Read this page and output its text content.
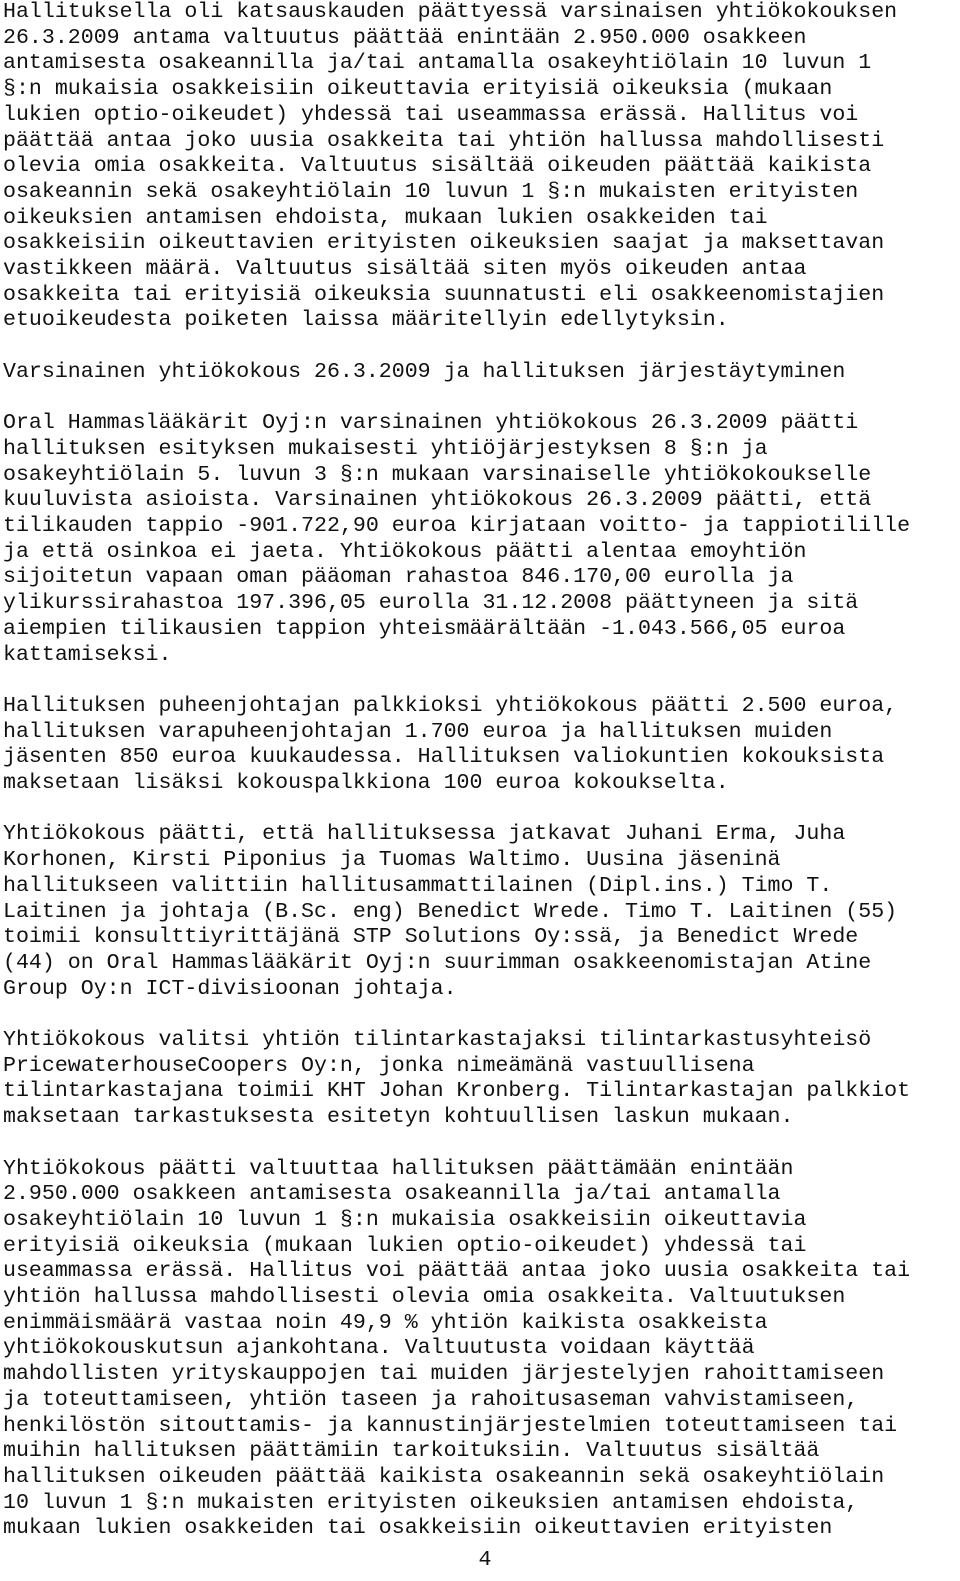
Hallituksella oli katsauskauden päättyessä varsinaisen yhtiökokouksen
26.3.2009 antama valtuutus päättää enintään 2.950.000 osakkeen
antamisesta osakeannilla ja/tai antamalla osakeyhtiölain 10 luvun 1
§:n mukaisia osakkeisiin oikeuttavia erityisiä oikeuksia (mukaan
lukien optio-oikeudet) yhdessä tai useammassa erässä. Hallitus voi
päättää antaa joko uusia osakkeita tai yhtiön hallussa mahdollisesti
olevia omia osakkeita. Valtuutus sisältää oikeuden päättää kaikista
osakeannin sekä osakeyhtiölain 10 luvun 1 §:n mukaisten erityisten
oikeuksien antamisen ehdoista, mukaan lukien osakkeiden tai
osakkeisiin oikeuttavien erityisten oikeuksien saajat ja maksettavan
vastikkeen määrä. Valtuutus sisältää siten myös oikeuden antaa
osakkeita tai erityisiä oikeuksia suunnatusti eli osakkeenomistajien
etuoikeudesta poiketen laissa määritellyin edellytyksin.

Varsinainen yhtiökokous 26.3.2009 ja hallituksen järjestäytyminen

Oral Hammaslääkärit Oyj:n varsinainen yhtiökokous 26.3.2009 päätti
hallituksen esityksen mukaisesti yhtiöjärjestyksen 8 §:n ja
osakeyhtiölain 5. luvun 3 §:n mukaan varsinaiselle yhtiökokoukselle
kuuluvista asioista. Varsinainen yhtiökokous 26.3.2009 päätti, että
tilikauden tappio -901.722,90 euroa kirjataan voitto- ja tappiotilille
ja että osinkoa ei jaeta. Yhtiökokous päätti alentaa emoyhtiön
sijoitetun vapaan oman pääoman rahastoa 846.170,00 eurolla ja
ylikurssirahastoa 197.396,05 eurolla 31.12.2008 päättyneen ja sitä
aiempien tilikausien tappion yhteismäärältään -1.043.566,05 euroa
kattamiseksi.

Hallituksen puheenjohtajan palkkioksi yhtiökokous päätti 2.500 euroa,
hallituksen varapuheenjohtajan 1.700 euroa ja hallituksen muiden
jäsenten 850 euroa kuukaudessa. Hallituksen valiokuntien kokouksista
maksetaan lisäksi kokouspalkkiona 100 euroa kokoukselta.

Yhtiökokous päätti, että hallituksessa jatkavat Juhani Erma, Juha
Korhonen, Kirsti Piponius ja Tuomas Waltimo. Uusina jäseninä
hallitukseen valittiin hallitusammattilainen (Dipl.ins.) Timo T.
Laitinen ja johtaja (B.Sc. eng) Benedict Wrede. Timo T. Laitinen (55)
toimii konsulttiyrittäjänä STP Solutions Oy:ssä, ja Benedict Wrede
(44) on Oral Hammaslääkärit Oyj:n suurimman osakkeenomistajan Atine
Group Oy:n ICT-divisioonan johtaja.

Yhtiökokous valitsi yhtiön tilintarkastajaksi tilintarkastusyhteisö
PricewaterhouseCoopers Oy:n, jonka nimeämänä vastuullisena
tilintarkastajana toimii KHT Johan Kronberg. Tilintarkastajan palkkiot
maksetaan tarkastuksesta esitetyn kohtuullisen laskun mukaan.

Yhtiökokous päätti valtuuttaa hallituksen päättämään enintään
2.950.000 osakkeen antamisesta osakeannilla ja/tai antamalla
osakeyhtiölain 10 luvun 1 §:n mukaisia osakkeisiin oikeuttavia
erityisiä oikeuksia (mukaan lukien optio-oikeudet) yhdessä tai
useammassa erässä. Hallitus voi päättää antaa joko uusia osakkeita tai
yhtiön hallussa mahdollisesti olevia omia osakkeita. Valtuutuksen
enimmäismäärä vastaa noin 49,9 % yhtiön kaikista osakkeista
yhtiökokouskutsun ajankohtana. Valtuutusta voidaan käyttää
mahdollisten yrityskauppojen tai muiden järjestelyjen rahoittamiseen
ja toteuttamiseen, yhtiön taseen ja rahoitusaseman vahvistamiseen,
henkilöstön sitouttamis- ja kannustinjärjestelmien toteuttamiseen tai
muihin hallituksen päättämiin tarkoituksiin. Valtuutus sisältää
hallituksen oikeuden päättää kaikista osakeannin sekä osakeyhtiölain
10 luvun 1 §:n mukaisten erityisten oikeuksien antamisen ehdoista,
mukaan lukien osakkeiden tai osakkeisiin oikeuttavien erityisten

4
